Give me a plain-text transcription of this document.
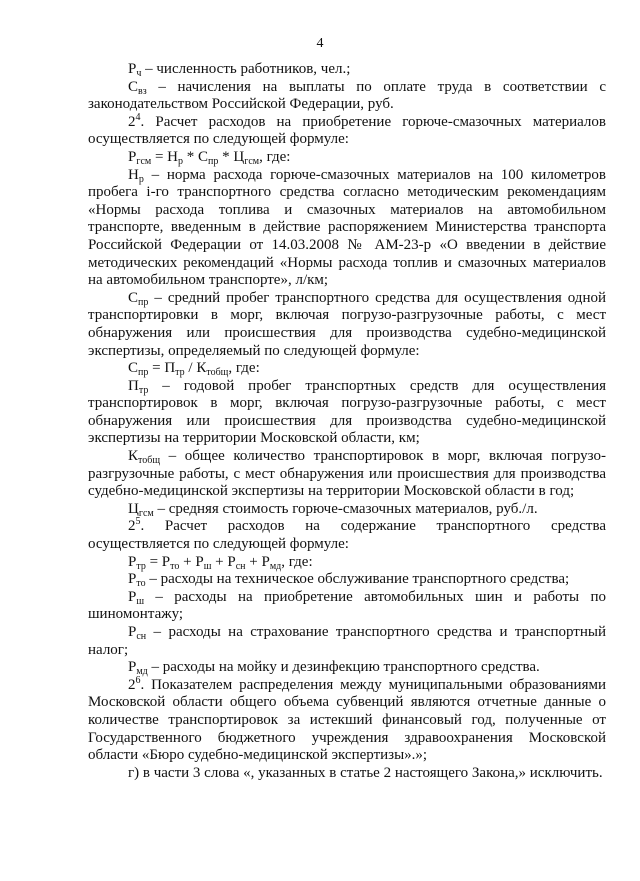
4

$Р_ч$ – численность работников, чел.;

$С_{вз}$ – начисления на выплаты по оплате труда в соответствии с законодательством Российской Федерации, руб.

$2^4$. Расчет расходов на приобретение горюче-смазочных материалов осуществляется по следующей формуле:

$Р_{гсм} = Н_р * С_{пр} * Ц_{гсм}$, где:

$Н_р$ – норма расхода горюче-смазочных материалов на 100 километров пробега i-го транспортного средства согласно методическим рекомендациям «Нормы расхода топлива и смазочных материалов на автомобильном транспорте, введенным в действие распоряжением Министерства транспорта Российской Федерации от 14.03.2008 № АМ-23-р «О введении в действие методических рекомендаций «Нормы расхода топлив и смазочных материалов на автомобильном транспорте», л/км;

$С_{пр}$ – средний пробег транспортного средства для осуществления одной транспортировки в морг, включая погрузо-разгрузочные работы, с мест обнаружения или происшествия для производства судебно-медицинской экспертизы, определяемый по следующей формуле:

$С_{пр} = П_{тр} / К_{тобщ}$, где:

$П_{тр}$ – годовой пробег транспортных средств для осуществления транспортировок в морг, включая погрузо-разгрузочные работы, с мест обнаружения или происшествия для производства судебно-медицинской экспертизы на территории Московской области, км;

$К_{тобщ}$ – общее количество транспортировок в морг, включая погрузо-разгрузочные работы, с мест обнаружения или происшествия для производства судебно-медицинской экспертизы на территории Московской области в год;

$Ц_{гсм}$ – средняя стоимость горюче-смазочных материалов, руб./л.

$2^5$. Расчет расходов на содержание транспортного средства осуществляется по следующей формуле:

$Р_{тр} = Р_{то} + Р_ш + Р_{сн} + Р_{мд}$, где:

$Р_{то}$ – расходы на техническое обслуживание транспортного средства;

$Р_ш$ – расходы на приобретение автомобильных шин и работы по шиномонтажу;

$Р_{сн}$ – расходы на страхование транспортного средства и транспортный налог;

$Р_{мд}$ – расходы на мойку и дезинфекцию транспортного средства.

$2^6$. Показателем распределения между муниципальными образованиями Московской области общего объема субвенций являются отчетные данные о количестве транспортировок за истекший финансовый год, полученные от Государственного бюджетного учреждения здравоохранения Московской области «Бюро судебно-медицинской экспертизы».»;

г) в части 3 слова «, указанных в статье 2 настоящего Закона,» исключить.
